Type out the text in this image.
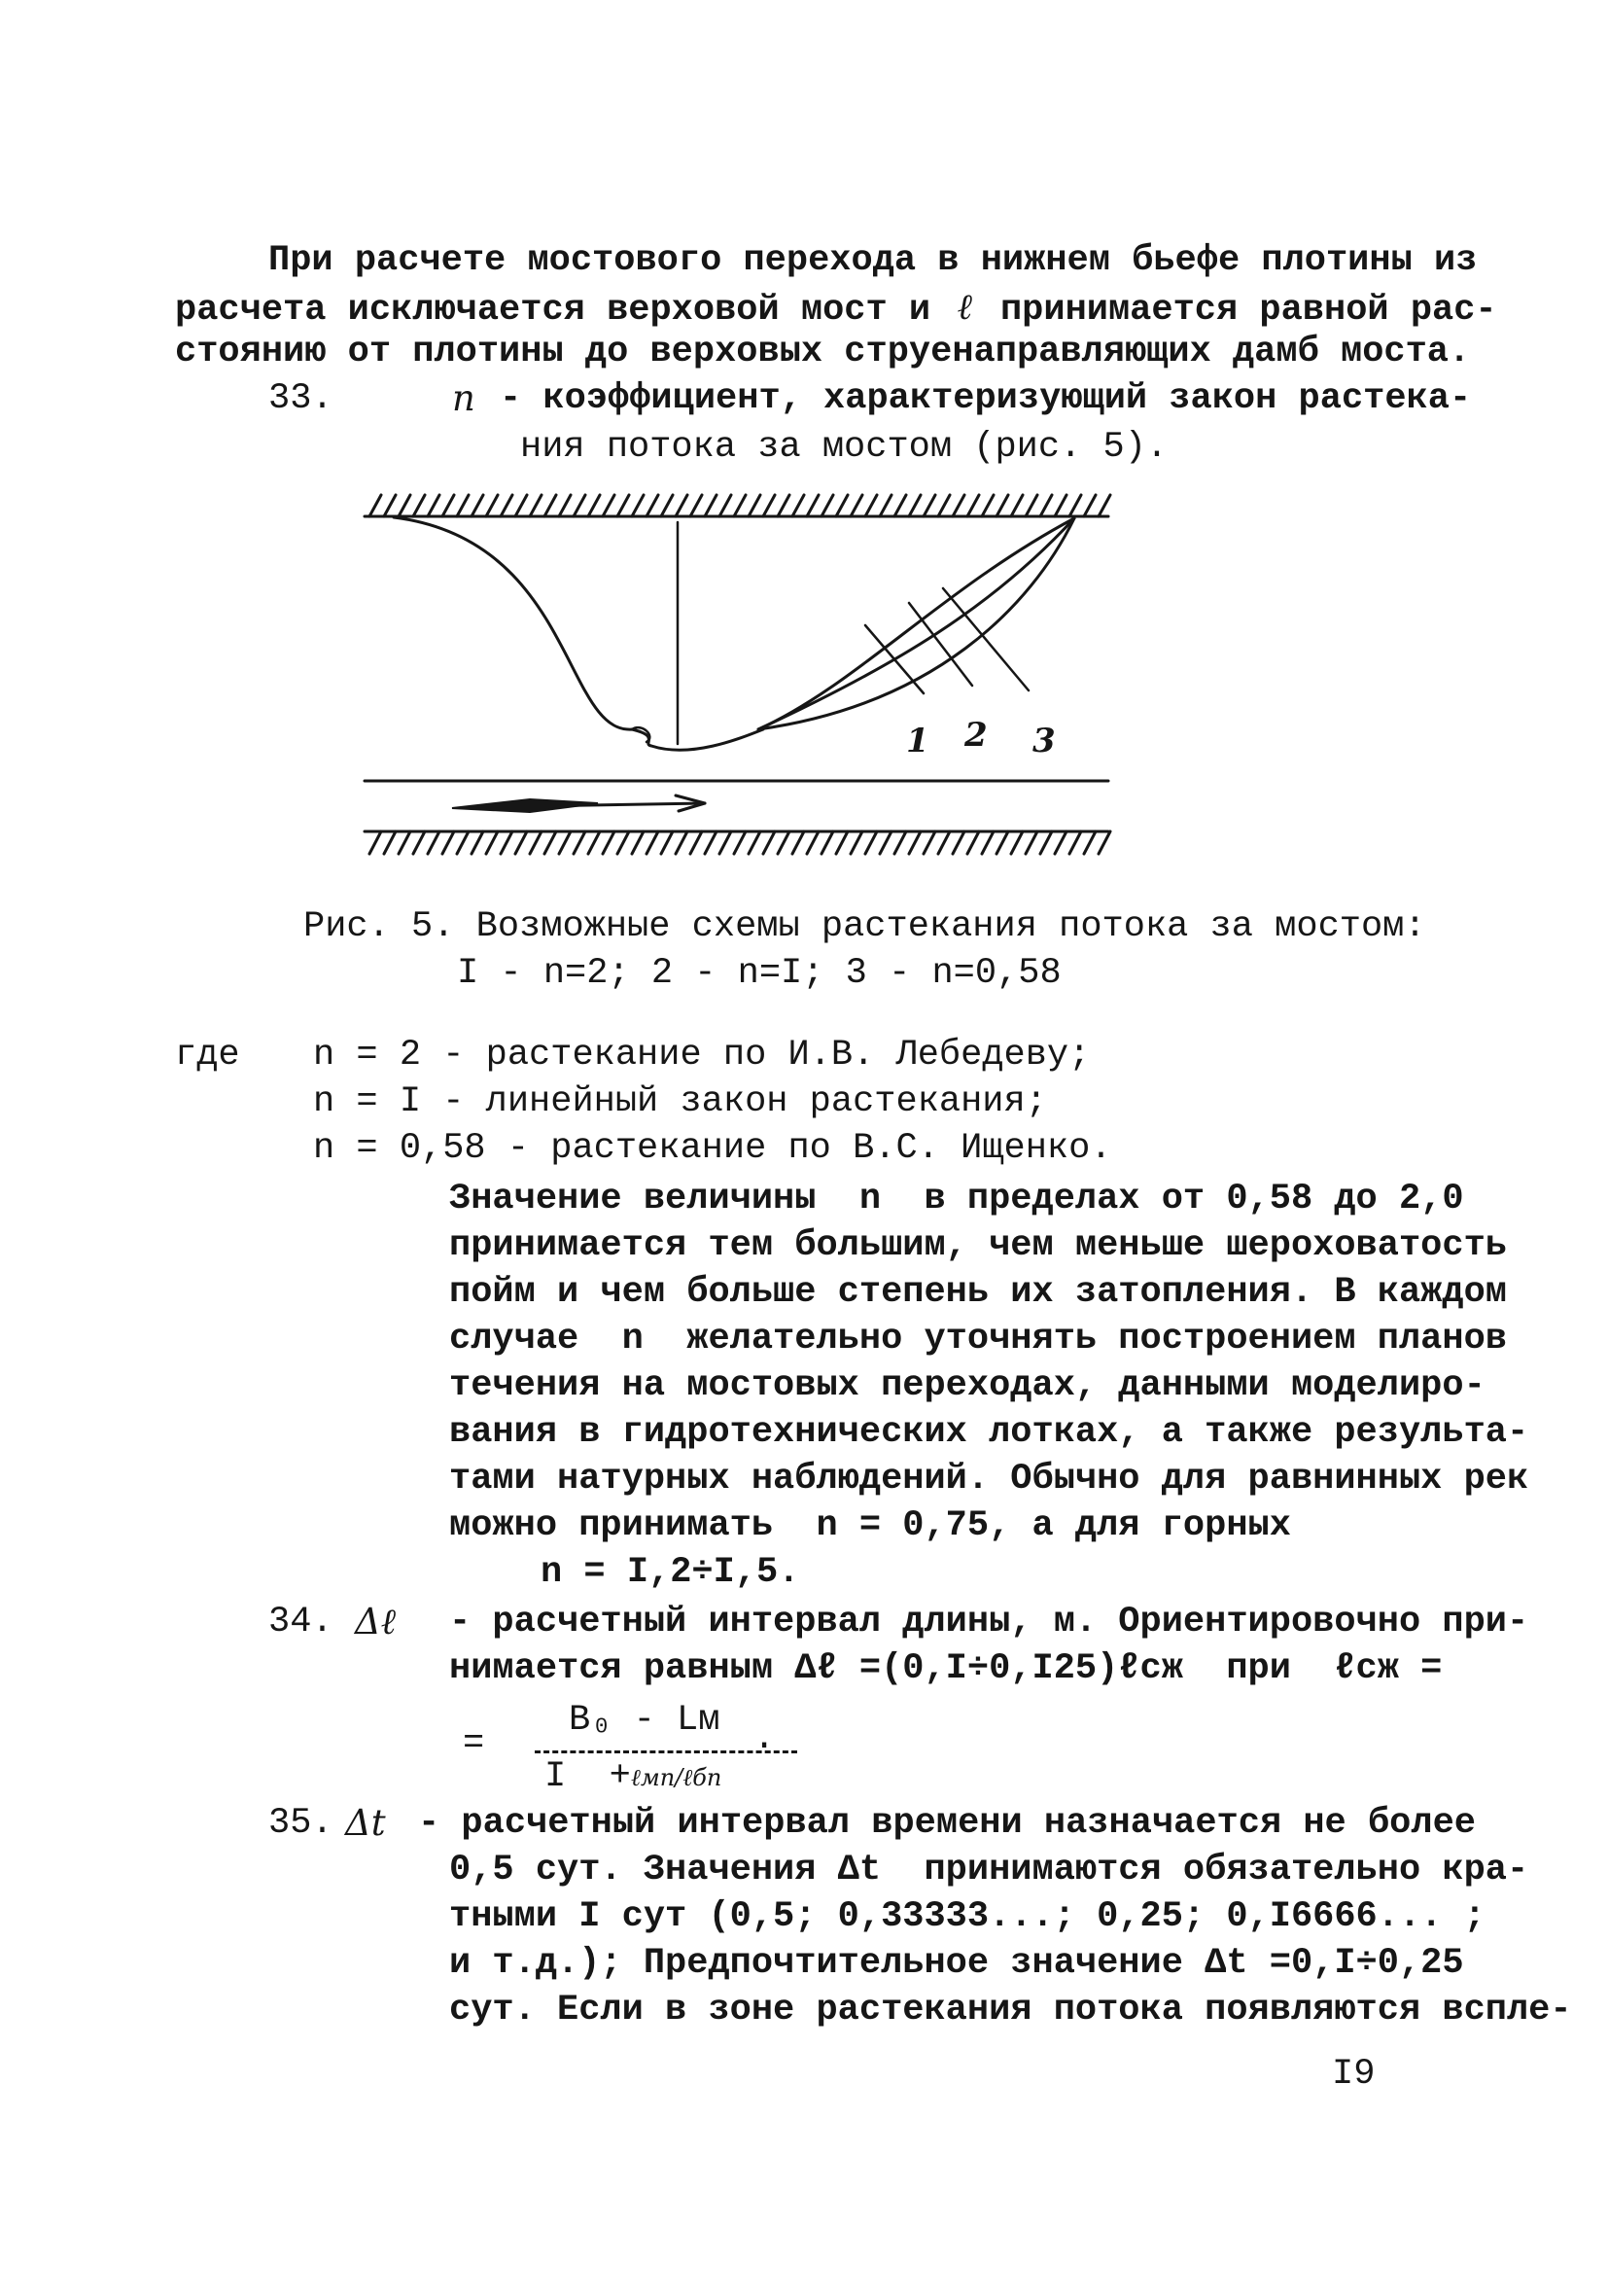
При расчете мостового перехода в нижнем бьефе плотины из
расчета исключается верховой мост и ℓ принимается равной рас-
стоянию от плотины до верховых струенаправляющих дамб моста.
33.	n - коэффициент, характеризующий закон растека-
ния потока за мостом (рис. 5).
1 2 3
Рис. 5. Возможные схемы растекания потока за мостом:
I - n=2; 2 - n=I; 3 - n=0,58
где n = 2 - растекание по И.В. Лебедеву;
n = I - линейный закон растекания;
n = 0,58 - растекание по В.С. Ищенко.
Значение величины  n  в пределах от 0,58 до 2,0
принимается тем большим, чем меньше шероховатость
пойм и чем больше степень их затопления. В каждом
случае  n  желательно уточнять построением планов
течения на мостовых переходах, данными моделиро-
вания в гидротехнических лотках, а также результа-
тами натурных наблюдений. Обычно для равнинных рек
можно принимать  n = 0,75, а для горных
n = I,2÷I,5.
34. Δℓ - расчетный интервал длины, м. Ориентировочно при-
нимается равным Δℓ =(0,I÷0,I25)ℓсж  при  ℓсж =
=
B₀ - Lм
I  +ℓмп/ℓбп
.
35. Δt - расчетный интервал времени назначается не более
0,5 сут. Значения Δt  принимаются обязательно кра-
тными I сут (0,5; 0,33333...; 0,25; 0,I6666... ;
и т.д.); Предпочтительное значение Δt =0,I÷0,25
сут. Если в зоне растекания потока появляются вспле-
I9
